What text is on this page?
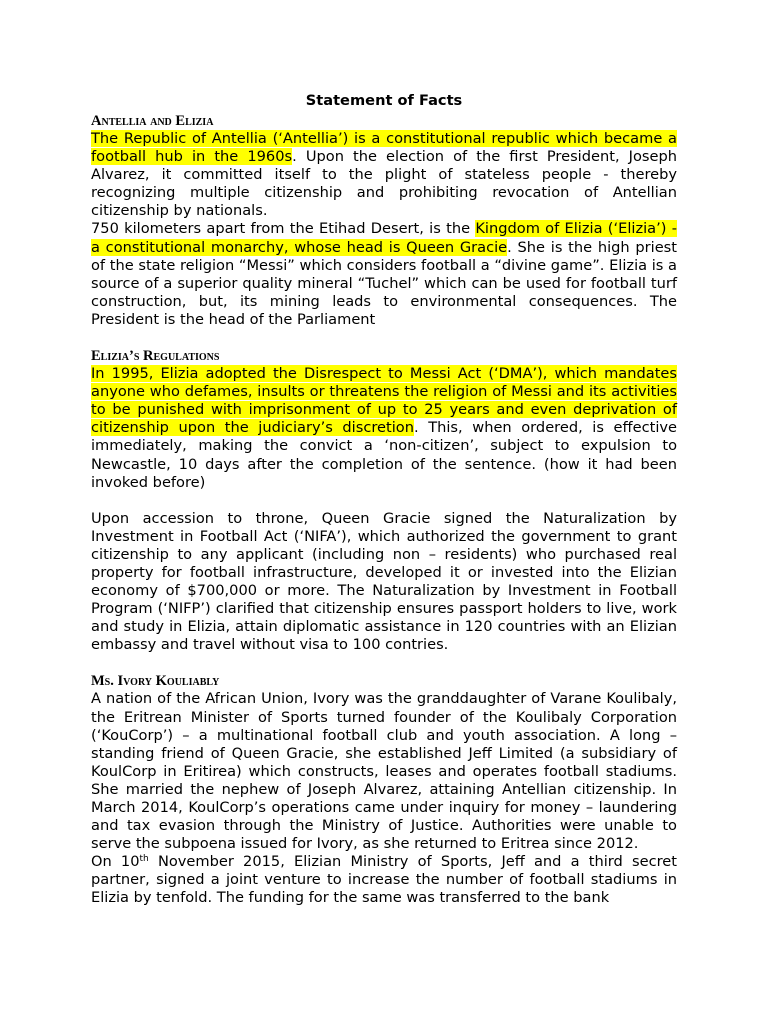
Statement of Facts
Antellia and Elizia

The Republic of Antellia (‘Antellia’) is a constitutional republic which became a football hub in the 1960s. Upon the election of the first President, Joseph Alvarez, it committed itself to the plight of stateless people - thereby recognizing multiple citizenship and prohibiting revocation of Antellian citizenship by nationals.

750 kilometers apart from the Etihad Desert, is the Kingdom of Elizia (‘Elizia’) - a constitutional monarchy, whose head is Queen Gracie. She is the high priest of the state religion “Messi” which considers football a “divine game”. Elizia is a source of a superior quality mineral “Tuchel” which can be used for football turf construction, but, its mining leads to environmental consequences. The President is the head of the Parliament

Elizia’s Regulations

In 1995, Elizia adopted the Disrespect to Messi Act (‘DMA’), which mandates anyone who defames, insults or threatens the religion of Messi and its activities to be punished with imprisonment of up to 25 years and even deprivation of citizenship upon the judiciary’s discretion. This, when ordered, is effective immediately, making the convict a ‘non-citizen’, subject to expulsion to Newcastle, 10 days after the completion of the sentence. (how it had been invoked before)

Upon accession to throne, Queen Gracie signed the Naturalization by Investment in Football Act (‘NIFA’), which authorized the government to grant citizenship to any applicant (including non – residents) who purchased real property for football infrastructure, developed it or invested into the Elizian economy of $700,000 or more. The Naturalization by Investment in Football Program (‘NIFP’) clarified that citizenship ensures passport holders to live, work and study in Elizia, attain diplomatic assistance in 120 countries with an Elizian embassy and travel without visa to 100 contries.

Ms. Ivory Kouliably

A nation of the African Union, Ivory was the granddaughter of Varane Koulibaly, the Eritrean Minister of Sports turned founder of the Koulibaly Corporation (‘KouCorp’) – a multinational football club and youth association. A long – standing friend of Queen Gracie, she established Jeff Limited (a subsidiary of KoulCorp in Eritirea) which constructs, leases and operates football stadiums. She married the nephew of Joseph Alvarez, attaining Antellian citizenship. In March 2014, KoulCorp’s operations came under inquiry for money – laundering and tax evasion through the Ministry of Justice. Authorities were unable to serve the subpoena issued for Ivory, as she returned to Eritrea since 2012.

On 10th November 2015, Elizian Ministry of Sports, Jeff and a third secret partner, signed a joint venture to increase the number of football stadiums in Elizia by tenfold. The funding for the same was transferred to the bank
